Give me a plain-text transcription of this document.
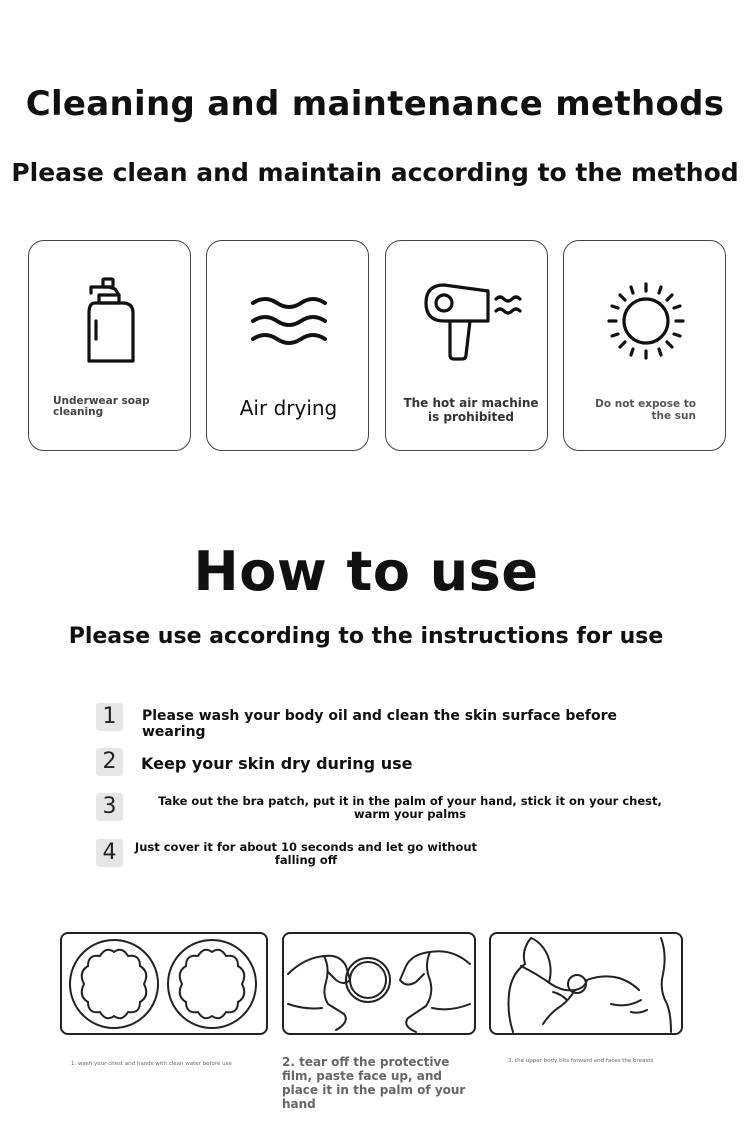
Cleaning and maintenance methods
Please clean and maintain according to the method
Underwear soap cleaning	Air drying	The hot air machine is prohibited
Do not expose to the sun
How to use
Please use according to the instructions for use
1	Please wash your body oil and clean the skin surface before wearing
2	Keep your skin dry during use
3	Take out the bra patch, put it in the palm of your hand, stick it on your chest, warm your palms
4	Just cover it for about 10 seconds and let go without falling off
1. wash your chest and hands with clean water before use	2. tear off the protective film, paste face up, and place it in the palm of your hand
3. the upper body tilts forward and faces the breasts
